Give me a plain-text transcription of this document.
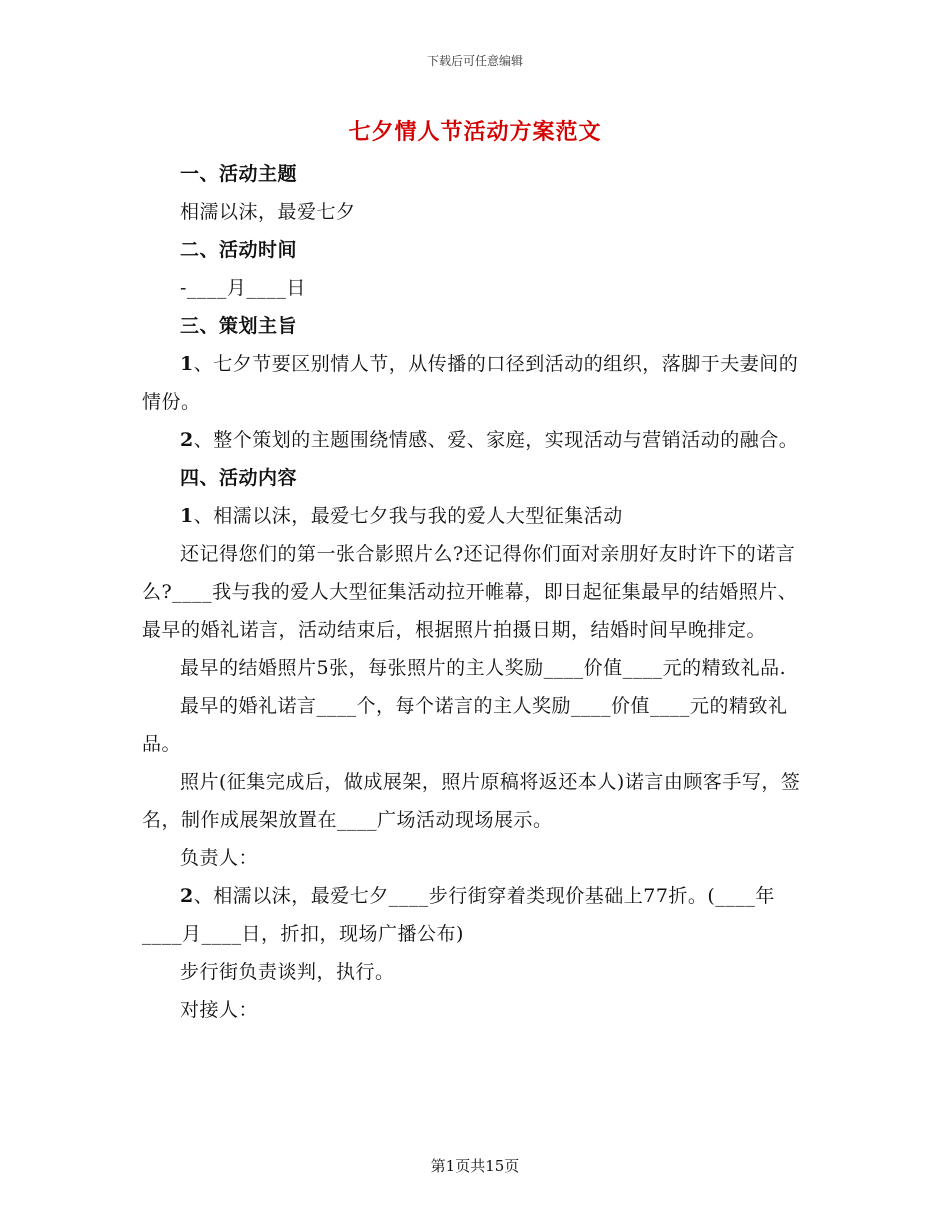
下载后可任意编辑
七夕情人节活动方案范文

一、活动主题

相濡以沫，最爱七夕

二、活动时间

-____月____日

三、策划主旨

1、七夕节要区别情人节，从传播的口径到活动的组织，落脚于夫妻间的情份。

2、整个策划的主题围绕情感、爱、家庭，实现活动与营销活动的融合。

四、活动内容

1、相濡以沫，最爱七夕我与我的爱人大型征集活动

还记得您们的第一张合影照片么?还记得你们面对亲朋好友时许下的诺言么?____我与我的爱人大型征集活动拉开帷幕，即日起征集最早的结婚照片、最早的婚礼诺言，活动结束后，根据照片拍摄日期，结婚时间早晚排定。

最早的结婚照片5张，每张照片的主人奖励____价值____元的精致礼品.

最早的婚礼诺言____个，每个诺言的主人奖励____价值____元的精致礼品。

照片(征集完成后，做成展架，照片原稿将返还本人)诺言由顾客手写，签名，制作成展架放置在____广场活动现场展示。

负责人：

2、相濡以沫，最爱七夕____步行街穿着类现价基础上77折。(____年____月____日，折扣，现场广播公布)

步行街负责谈判，执行。

对接人：

第1页共15页
